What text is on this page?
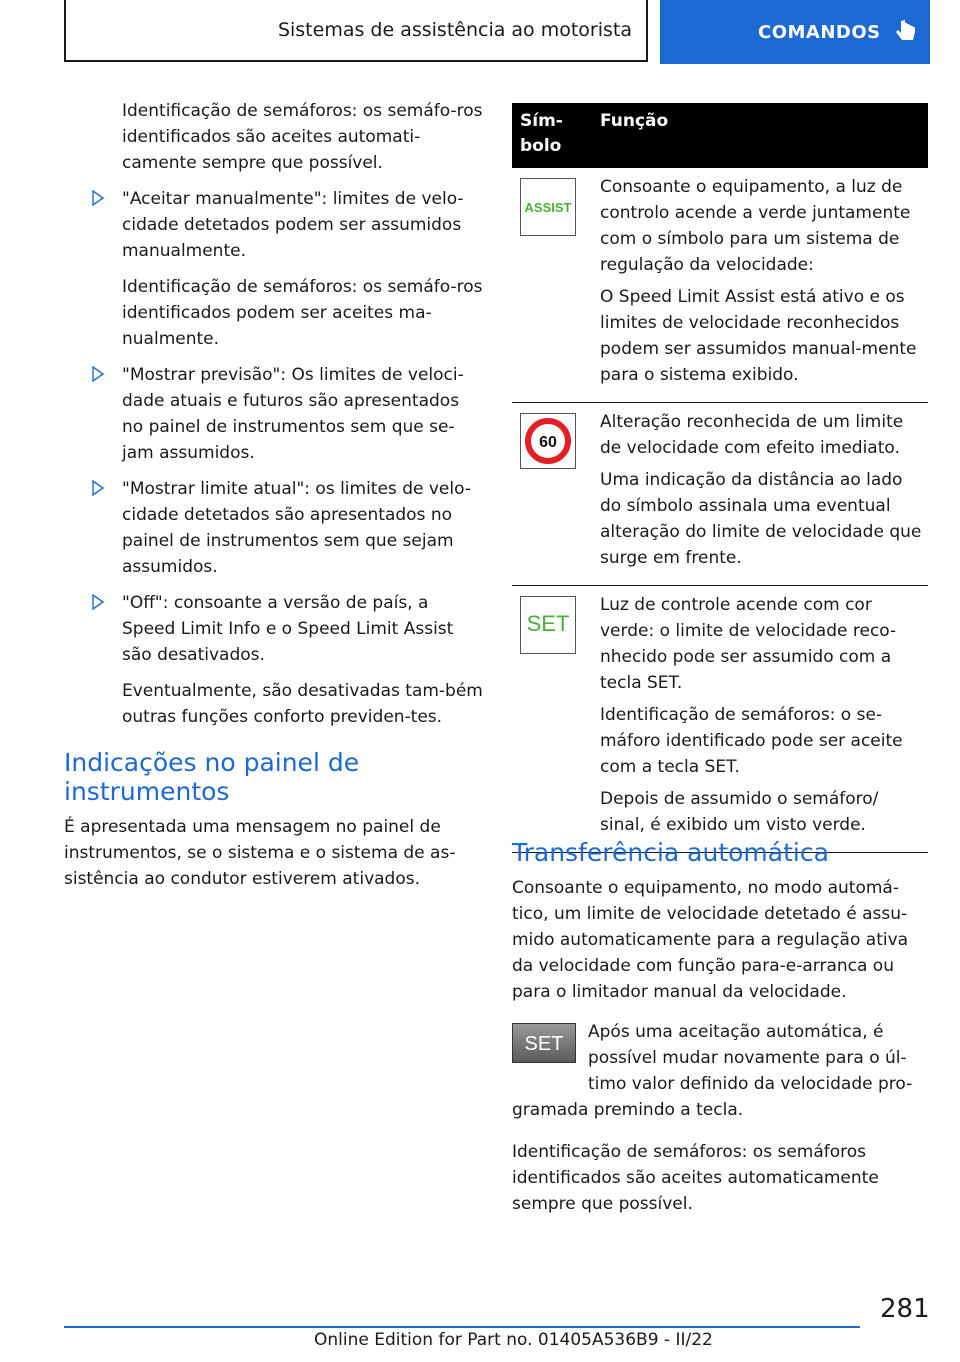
Sistemas de assistência ao motorista	COMANDOS

Identificação de semáforos: os semáfo-ros identificados são aceites automati-camente sempre que possível.

"Aceitar manualmente": limites de velo-cidade detetados podem ser assumidos manualmente.

Identificação de semáforos: os semáfo-ros identificados podem ser aceites ma-nualmente.

"Mostrar previsão": Os limites de veloci-dade atuais e futuros são apresentados no painel de instrumentos sem que se-jam assumidos.

"Mostrar limite atual": os limites de velo-cidade detetados são apresentados no painel de instrumentos sem que sejam assumidos.

"Off": consoante a versão de país, a Speed Limit Info e o Speed Limit Assist são desativados.

Eventualmente, são desativadas tam-bém outras funções conforto previden-tes.

Indicações no painel de instrumentos

É apresentada uma mensagem no painel de instrumentos, se o sistema e o sistema de as-sistência ao condutor estiverem ativados.

Sím-bolo
Função
ASSIST

Consoante o equipamento, a luz de controlo acende a verde juntamente com o símbolo para um sistema de regulação da velocidade:

O Speed Limit Assist está ativo e os limites de velocidade reconhecidos podem ser assumidos manual-mente para o sistema exibido.

60

Alteração reconhecida de um limite de velocidade com efeito imediato.

Uma indicação da distância ao lado do símbolo assinala uma eventual alteração do limite de velocidade que surge em frente.

SET

Luz de controle acende com cor verde: o limite de velocidade reco-nhecido pode ser assumido com a tecla SET.

Identificação de semáforos: o se-máforo identificado pode ser aceite com a tecla SET.

Depois de assumido o semáforo/ sinal, é exibido um visto verde.

Transferência automática

Consoante o equipamento, no modo automá-tico, um limite de velocidade detetado é assu-mido automaticamente para a regulação ativa da velocidade com função para-e-arranca ou para o limitador manual da velocidade.

SET

Após uma aceitação automática, é possível mudar novamente para o úl-timo valor definido da velocidade pro-

gramada premindo a tecla.

Identificação de semáforos: os semáforos identificados são aceites automaticamente sempre que possível.

281
Online Edition for Part no. 01405A536B9 - II/22
